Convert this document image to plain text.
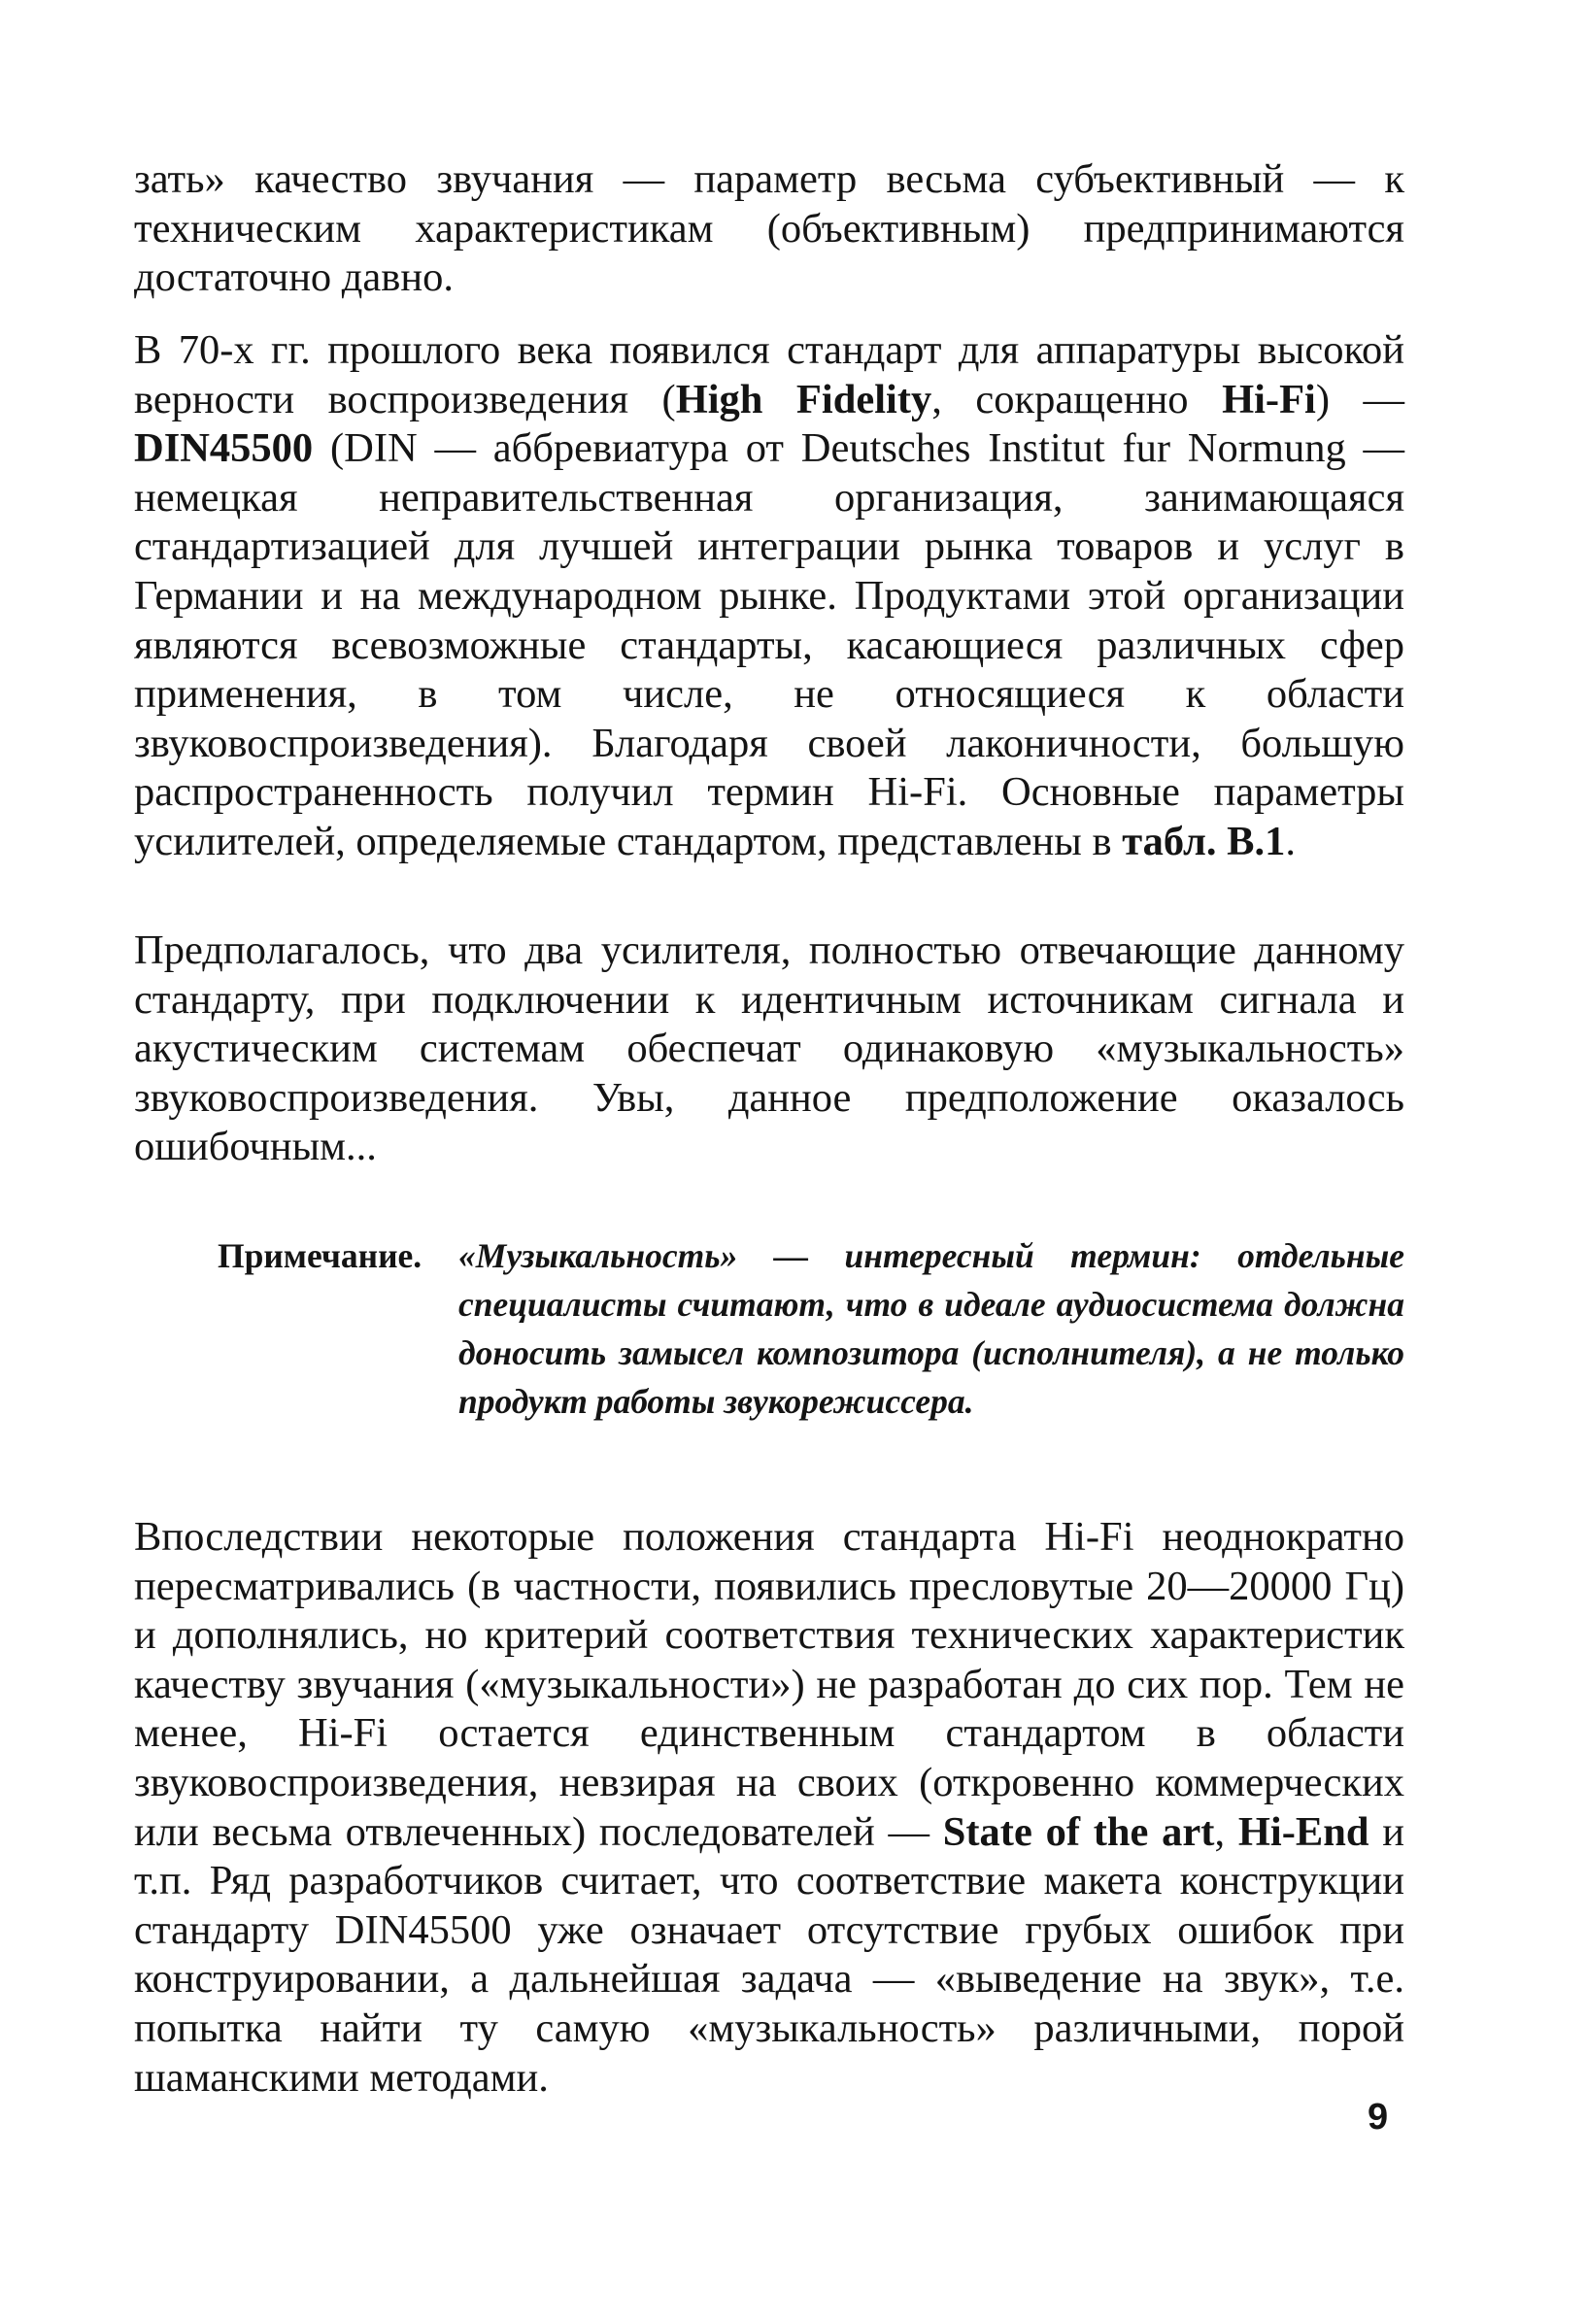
зать» качество звучания — параметр весьма субъективный — к техническим характеристикам (объективным) предпринимаются достаточно давно.

В 70-х гг. прошлого века появился стандарт для аппаратуры высокой верности воспроизведения (High Fidelity, сокращенно Hi-Fi) — DIN45500 (DIN — аббревиатура от Deutsches Institut fur Normung — немецкая неправительственная организация, занимающаяся стандартизацией для лучшей интеграции рынка товаров и услуг в Германии и на международном рынке. Продуктами этой организации являются всевозможные стандарты, касающиеся различных сфер применения, в том числе, не относящиеся к области звуковоспроизведения). Благодаря своей лаконичности, большую распространенность получил термин Hi-Fi. Основные параметры усилителей, определяемые стандартом, представлены в табл. В.1.

Предполагалось, что два усилителя, полностью отвечающие данному стандарту, при подключении к идентичным источникам сигнала и акустическим системам обеспечат одинаковую «музыкальность» звуковоспроизведения. Увы, данное предположение оказалось ошибочным...

Примечание. «Музыкальность» — интересный термин: отдельные специалисты считают, что в идеале аудиосистема должна доносить замысел композитора (исполнителя), а не только продукт работы звукорежиссера.

Впоследствии некоторые положения стандарта Hi-Fi неоднократно пересматривались (в частности, появились пресловутые 20—20000 Гц) и дополнялись, но критерий соответствия технических характеристик качеству звучания («музыкальности») не разработан до сих пор. Тем не менее, Hi-Fi остается единственным стандартом в области звуковоспроизведения, невзирая на своих (откровенно коммерческих или весьма отвлеченных) последователей — State of the art, Hi-End и т.п. Ряд разработчиков считает, что соответствие макета конструкции стандарту DIN45500 уже означает отсутствие грубых ошибок при конструировании, а дальнейшая задача — «выведение на звук», т.е. попытка найти ту самую «музыкальность» различными, порой шаманскими методами.

9
